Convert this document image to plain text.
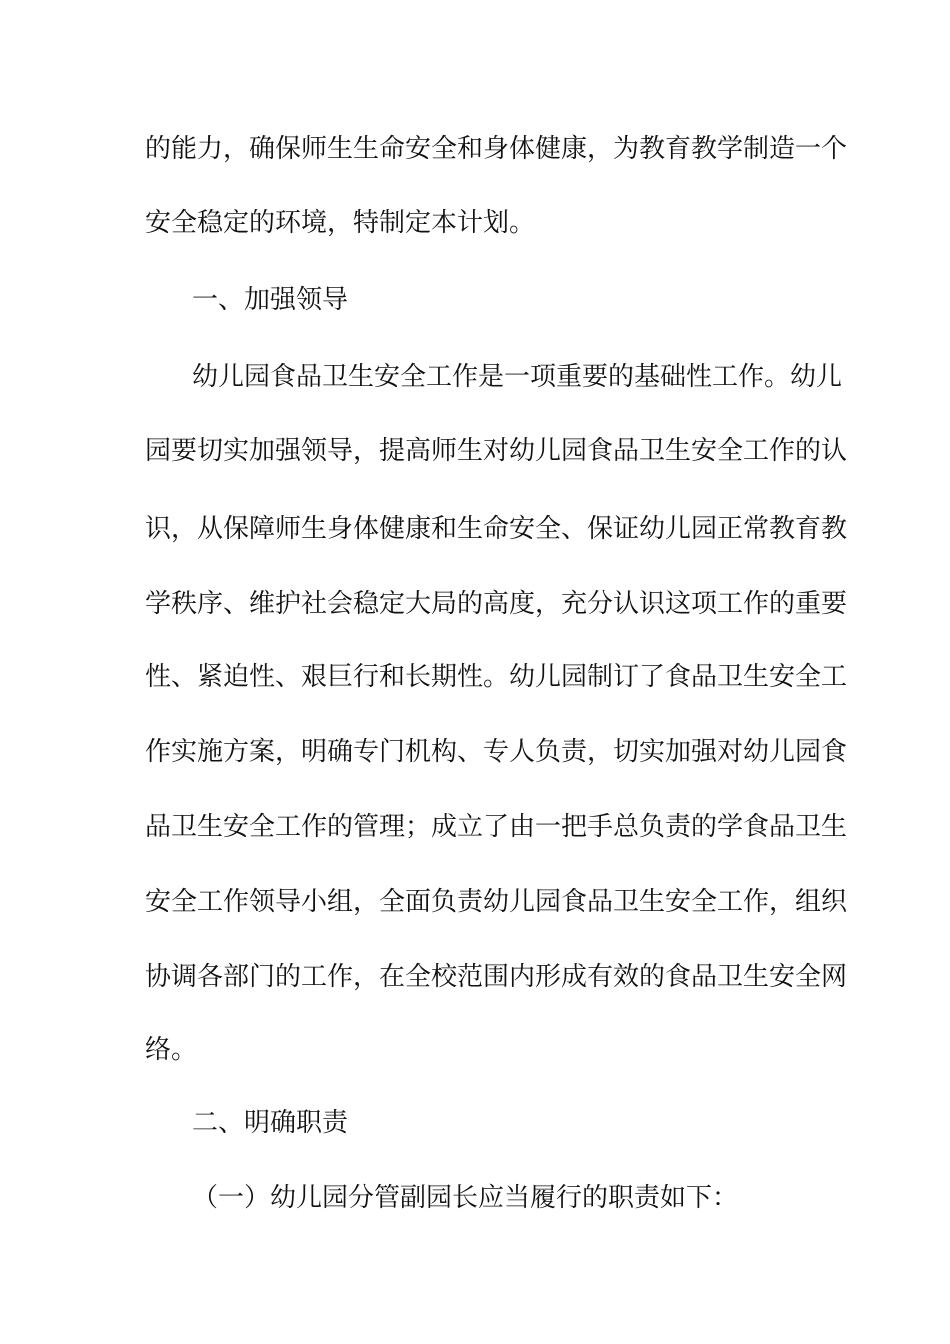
的能力，确保师生生命安全和身体健康，为教育教学制造一个
安全稳定的环境，特制定本计划。
一、加强领导
幼儿园食品卫生安全工作是一项重要的基础性工作。幼儿
园要切实加强领导，提高师生对幼儿园食品卫生安全工作的认
识，从保障师生身体健康和生命安全、保证幼儿园正常教育教
学秩序、维护社会稳定大局的高度，充分认识这项工作的重要
性、紧迫性、艰巨行和长期性。幼儿园制订了食品卫生安全工
作实施方案，明确专门机构、专人负责，切实加强对幼儿园食
品卫生安全工作的管理；成立了由一把手总负责的学食品卫生
安全工作领导小组，全面负责幼儿园食品卫生安全工作，组织
协调各部门的工作，在全校范围内形成有效的食品卫生安全网
络。
二、明确职责
（一）幼儿园分管副园长应当履行的职责如下：
